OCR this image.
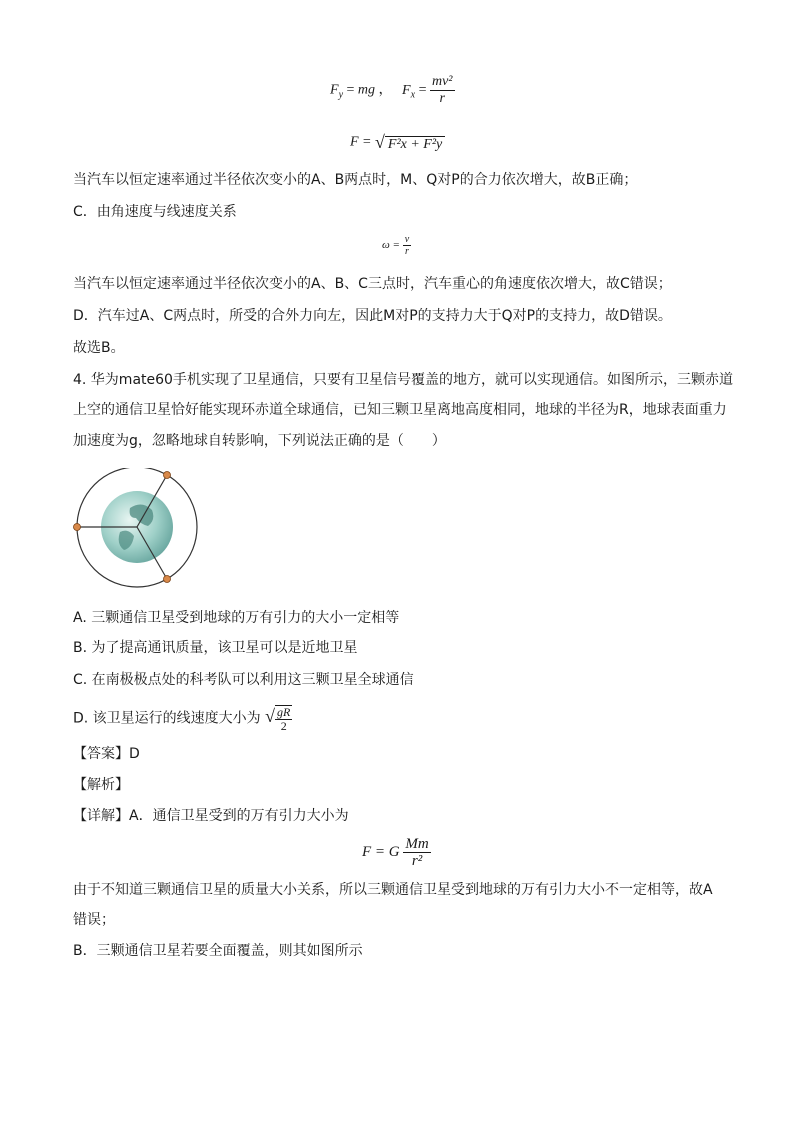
$F_y$ = mg ， $F_x = \frac{\text{mv²}}{r}$
F = √ F²x + F²y
当汽车以恒定速率通过半径依次变小的A、B两点时，M、Q对P的合力依次增大，故B正确；
C．由角速度与线速度关系
$\omega = \frac{v}{r}$
当汽车以恒定速率通过半径依次变小的A、B、C三点时，汽车重心的角速度依次增大，故C错误；
D．汽车过A、C两点时，所受的合外力向左，因此M对P的支持力大于Q对P的支持力，故D错误。
故选B。
4. 华为mate60手机实现了卫星通信，只要有卫星信号覆盖的地方，就可以实现通信。如图所示，三颗赤道
上空的通信卫星恰好能实现环赤道全球通信，已知三颗卫星离地高度相同，地球的半径为R，地球表面重力
加速度为g，忽略地球自转影响，下列说法正确的是（　　）
A. 三颗通信卫星受到地球的万有引力的大小一定相等
B. 为了提高通讯质量，该卫星可以是近地卫星
C. 在南极极点处的科考队可以利用这三颗卫星全球通信
D. 该卫星运行的线速度大小为 √ $\frac{gR}{2}$
【答案】D
【解析】
【详解】A．通信卫星受到的万有引力大小为
F = G $\frac{Mm}{\text{r²}}$
由于不知道三颗通信卫星的质量大小关系，所以三颗通信卫星受到地球的万有引力大小不一定相等，故A
错误；
B．三颗通信卫星若要全面覆盖，则其如图所示
